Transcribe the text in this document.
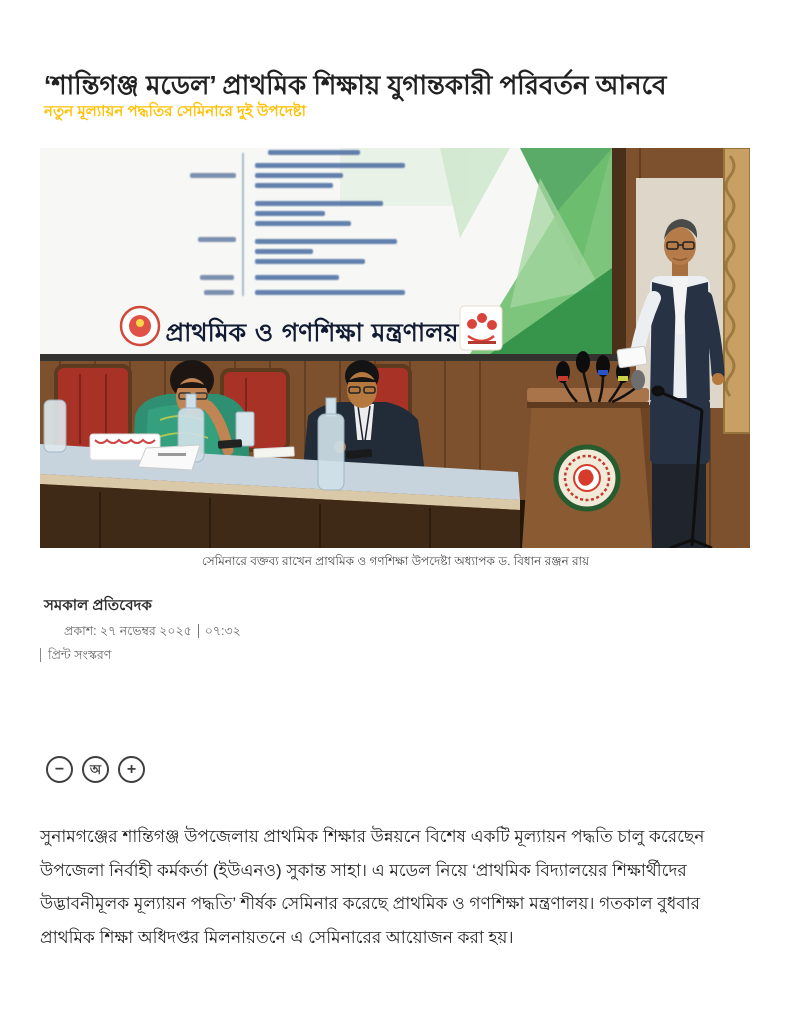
‘শান্তিগঞ্জ মডেল’ প্রাথমিক শিক্ষায় যুগান্তকারী পরিবর্তন আনবে
নতুন মূল্যায়ন পদ্ধতির সেমিনারে দুই উপদেষ্টা
প্রাথমিক ও গণশিক্ষা মন্ত্রণালয়
সেমিনারে বক্তব্য রাখেন প্রাথমিক ও গণশিক্ষা উপদেষ্টা অধ্যাপক ড. বিধান রঞ্জন রায়
সমকাল প্রতিবেদক
প্রকাশ: ২৭ নভেম্বর ২০২৫ ০৭:৩২
প্রিন্ট সংস্করণ
− অ +

সুনামগঞ্জের শান্তিগঞ্জ উপজেলায় প্রাথমিক শিক্ষার উন্নয়নে বিশেষ একটি মূল্যায়ন পদ্ধতি চালু করেছেন উপজেলা নির্বাহী কর্মকর্তা (ইউএনও) সুকান্ত সাহা। এ মডেল নিয়ে ‘প্রাথমিক বিদ্যালয়ের শিক্ষার্থীদের উদ্ভাবনীমূলক মূল্যায়ন পদ্ধতি’ শীর্ষক সেমিনার করেছে প্রাথমিক ও গণশিক্ষা মন্ত্রণালয়। গতকাল বুধবার প্রাথমিক শিক্ষা অধিদপ্তর মিলনায়তনে এ সেমিনারের আয়োজন করা হয়।
